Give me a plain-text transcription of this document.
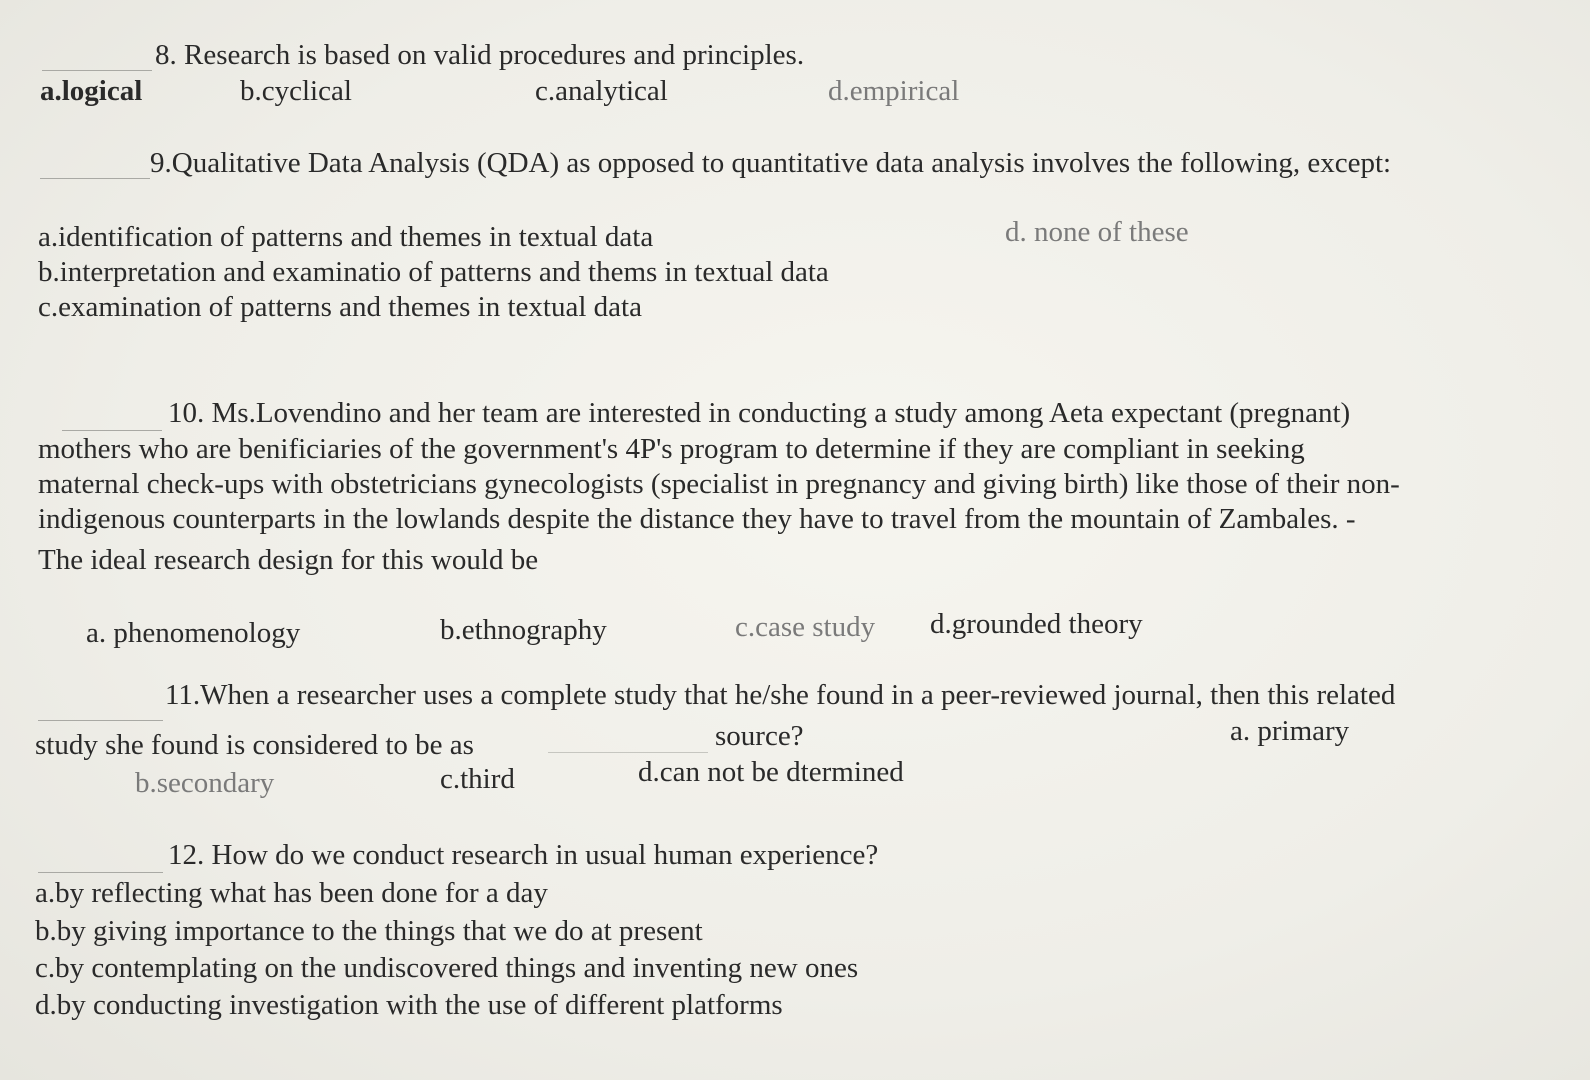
8. Research is based on valid procedures and principles.
a.logical	b.cyclical	c.analytical	d.empirical
9.Qualitative Data Analysis (QDA) as opposed to quantitative data analysis involves the following, except:
a.identification of patterns and themes in textual data	d. none of these
b.interpretation and examinatio of patterns and thems in textual data
c.examination of patterns and themes in textual data
10. Ms.Lovendino and her team are interested in conducting a study among Aeta expectant (pregnant)
mothers who are benificiaries of the government's 4P's program to determine if they are compliant in seeking
maternal check-ups with obstetricians gynecologists (specialist in pregnancy and giving birth) like those of their non-
indigenous counterparts in the lowlands despite the distance they have to travel from the mountain of Zambales. -
The ideal research design for this would be
a. phenomenology	b.ethnography	c.case study d.grounded theory
11.When a researcher uses a complete study that he/she found in a peer-reviewed journal, then this related
study she found is considered to be as	source?	a. primary
b.secondary	c.third	d.can not be dtermined
12. How do we conduct research in usual human experience?
a.by reflecting what has been done for a day
b.by giving importance to the things that we do at present
c.by contemplating on the undiscovered things and inventing new ones
d.by conducting investigation with the use of different platforms
